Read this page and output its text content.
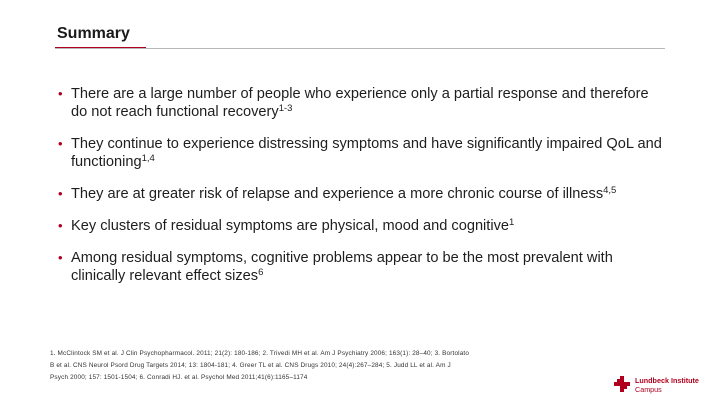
Summary
• There are a large number of people who experience only a partial response and therefore do not reach functional recovery$^{1-3}$
• They continue to experience distressing symptoms and have significantly impaired QoL and functioning$^{1,4}$
• They are at greater risk of relapse and experience a more chronic course of illness$^{4,5}$
• Key clusters of residual symptoms are physical, mood and cognitive$^1$
• Among residual symptoms, cognitive problems appear to be the most prevalent with clinically relevant effect sizes$^6$
1. McClintock SM et al. J Clin Psychopharmacol. 2011; 21(2): 180-186; 2. Trivedi MH et al. Am J Psychiatry 2006; 163(1): 28–40; 3. Bortolato B et al. CNS Neurol Psord Drug Targets 2014; 13: 1804-181; 4. Greer TL et al. CNS Drugs 2010; 24(4):267–284; 5. Judd LL et al. Am J Psych 2000; 157: 1501-1504; 6. Conradi HJ. et al. Psychol Med 2011;41(6):1165–1174	Lundbeck Institute
Campus
